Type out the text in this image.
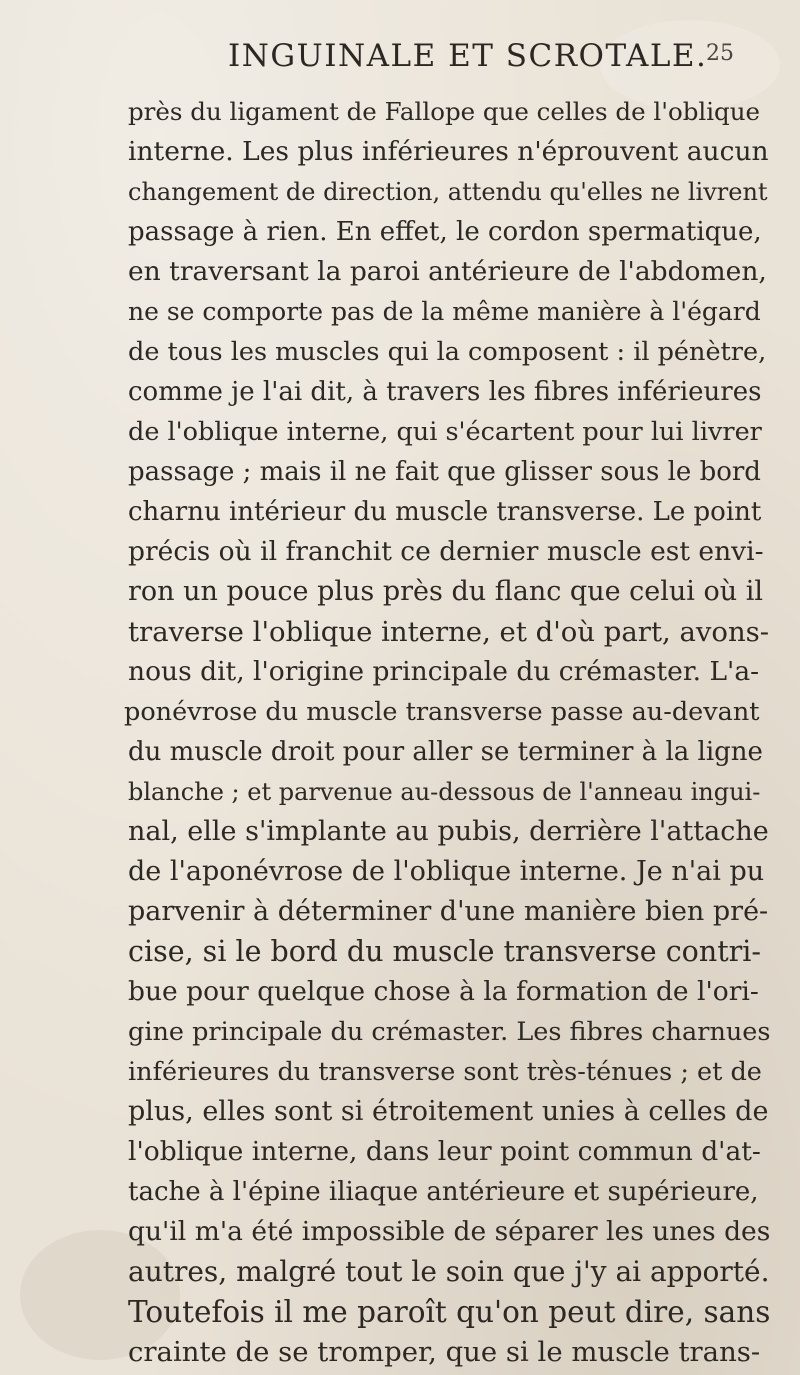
INGUINALE ET SCROTALE.
25
près du ligament de Fallope que celles de l'oblique
interne. Les plus inférieures n'éprouvent aucun
changement de direction, attendu qu'elles ne livrent
passage à rien. En effet, le cordon spermatique,
en traversant la paroi antérieure de l'abdomen,
ne se comporte pas de la même manière à l'égard
de tous les muscles qui la composent : il pénètre,
comme je l'ai dit, à travers les fibres inférieures
de l'oblique interne, qui s'écartent pour lui livrer
passage ; mais il ne fait que glisser sous le bord
charnu intérieur du muscle transverse. Le point
précis où il franchit ce dernier muscle est envi-
ron un pouce plus près du flanc que celui où il
traverse l'oblique interne, et d'où part, avons-
nous dit, l'origine principale du crémaster. L'a-
ponévrose du muscle transverse passe au-devant
du muscle droit pour aller se terminer à la ligne
blanche ; et parvenue au-dessous de l'anneau ingui-
nal, elle s'implante au pubis, derrière l'attache
de l'aponévrose de l'oblique interne. Je n'ai pu
parvenir à déterminer d'une manière bien pré-
cise, si le bord du muscle transverse contri-
bue pour quelque chose à la formation de l'ori-
gine principale du crémaster. Les fibres charnues
inférieures du transverse sont très-ténues ; et de
plus, elles sont si étroitement unies à celles de
l'oblique interne, dans leur point commun d'at-
tache à l'épine iliaque antérieure et supérieure,
qu'il m'a été impossible de séparer les unes des
autres, malgré tout le soin que j'y ai apporté.
Toutefois il me paroît qu'on peut dire, sans
crainte de se tromper, que si le muscle trans-
